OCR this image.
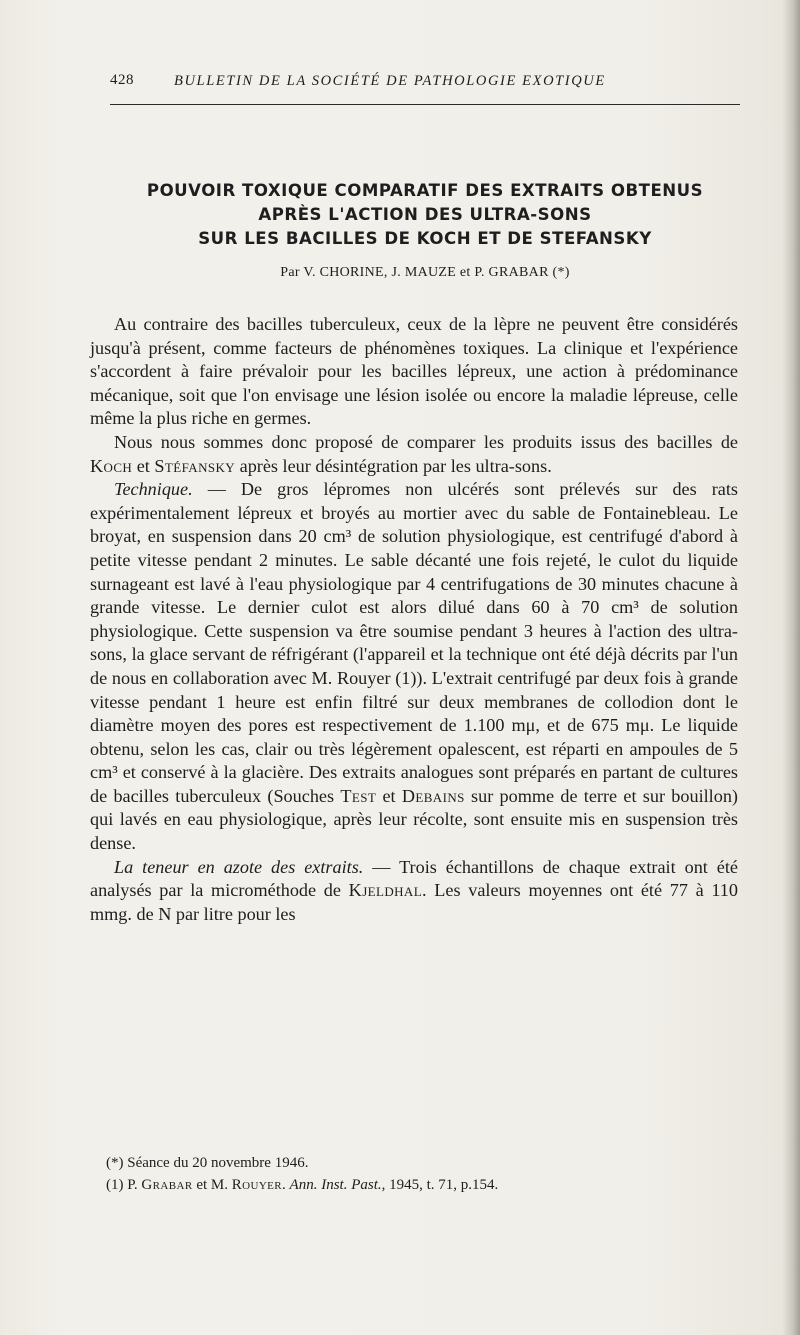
428	BULLETIN DE LA SOCIÉTÉ DE PATHOLOGIE EXOTIQUE
POUVOIR TOXIQUE COMPARATIF DES EXTRAITS OBTENUS
APRÈS L'ACTION DES ULTRA-SONS
SUR LES BACILLES DE KOCH ET DE STEFANSKY
Par V. CHORINE, J. MAUZE et P. GRABAR (*)

Au contraire des bacilles tuberculeux, ceux de la lèpre ne peuvent être considérés jusqu'à présent, comme facteurs de phénomènes toxiques. La clinique et l'expérience s'accordent à faire prévaloir pour les bacilles lépreux, une action à prédominance mécanique, soit que l'on envisage une lésion isolée ou encore la maladie lépreuse, celle même la plus riche en germes.

Nous nous sommes donc proposé de comparer les produits issus des bacilles de Koch et Stéfansky après leur désintégration par les ultra-sons.

Technique. — De gros lépromes non ulcérés sont prélevés sur des rats expérimentalement lépreux et broyés au mortier avec du sable de Fontainebleau. Le broyat, en suspension dans 20 cm³ de solution physiologique, est centrifugé d'abord à petite vitesse pendant 2 minutes. Le sable décanté une fois rejeté, le culot du liquide surnageant est lavé à l'eau physiologique par 4 centrifugations de 30 minutes chacune à grande vitesse. Le dernier culot est alors dilué dans 60 à 70 cm³ de solution physiologique. Cette suspension va être soumise pendant 3 heures à l'action des ultra-sons, la glace servant de réfrigérant (l'appareil et la technique ont été déjà décrits par l'un de nous en collaboration avec M. Rouyer (1)). L'extrait centrifugé par deux fois à grande vitesse pendant 1 heure est enfin filtré sur deux membranes de collodion dont le diamètre moyen des pores est respectivement de 1.100 mμ, et de 675 mμ. Le liquide obtenu, selon les cas, clair ou très légèrement opalescent, est réparti en ampoules de 5 cm³ et conservé à la glacière. Des extraits analogues sont préparés en partant de cultures de bacilles tuberculeux (Souches Test et Debains sur pomme de terre et sur bouillon) qui lavés en eau physiologique, après leur récolte, sont ensuite mis en suspension très dense.

La teneur en azote des extraits. — Trois échantillons de chaque extrait ont été analysés par la microméthode de Kjeldhal. Les valeurs moyennes ont été 77 à 110 mmg. de N par litre pour les

(*) Séance du 20 novembre 1946.
(1) P. Grabar et M. Rouyer. Ann. Inst. Past., 1945, t. 71, p.154.
